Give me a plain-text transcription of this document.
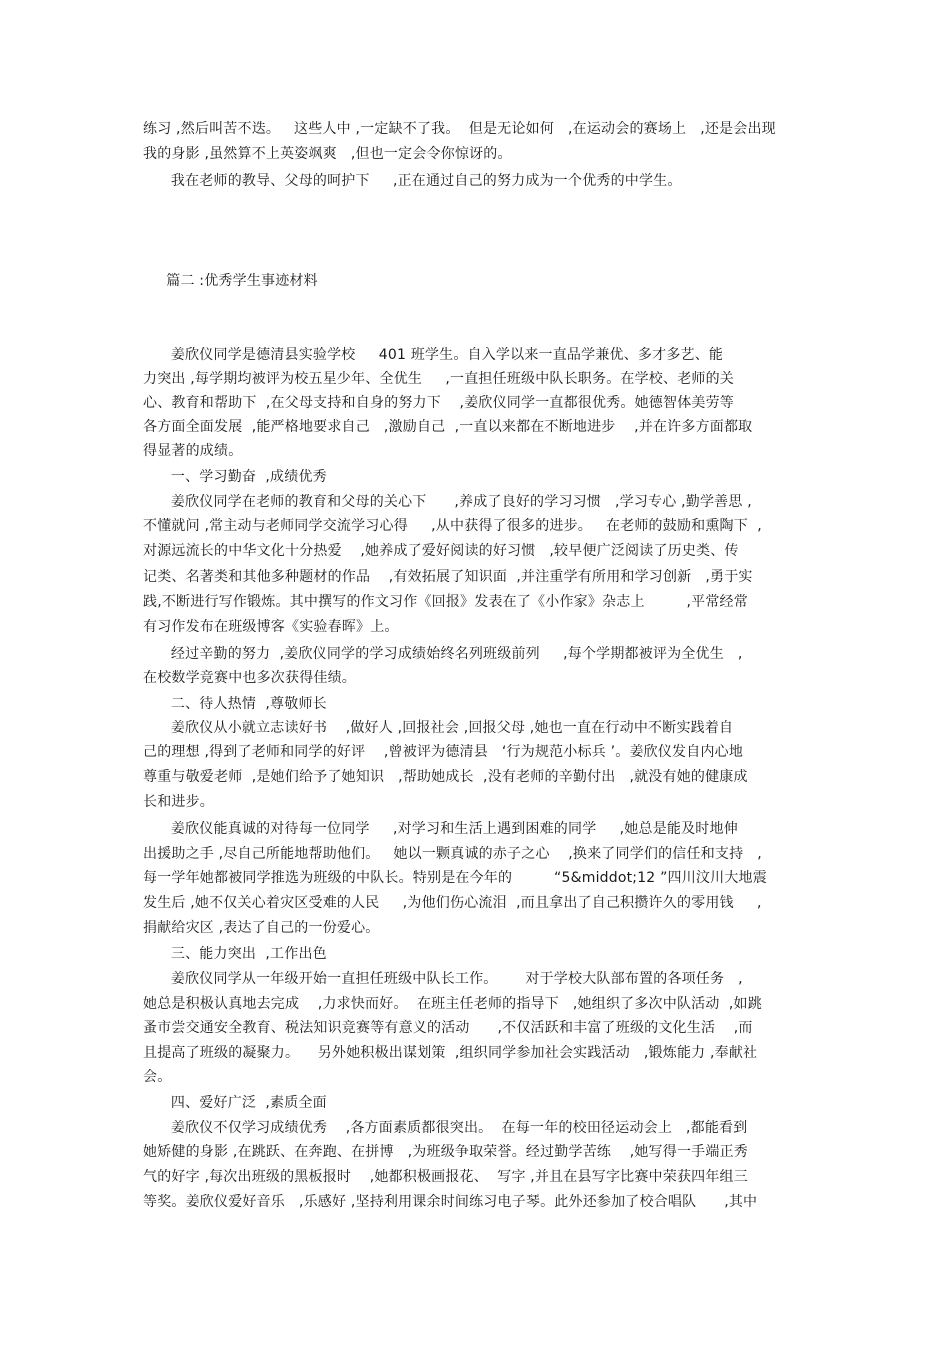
练习 ,然后叫苦不迭。   这些人中 ,一定缺不了我。  但是无论如何   ,在运动会的赛场上   ,还是会出现
我的身影 ,虽然算不上英姿飒爽   ,但也一定会令你惊讶的。
我在老师的教导、父母的呵护下     ,正在通过自己的努力成为一个优秀的中学生。
篇二 :优秀学生事迹材料
姜欣仪同学是德清县实验学校     401 班学生。自入学以来一直品学兼优、多才多艺、能
力突出 ,每学期均被评为校五星少年、全优生     ,一直担任班级中队长职务。在学校、老师的关
心、教育和帮助下  ,在父母支持和自身的努力下    ,姜欣仪同学一直都很优秀。她德智体美劳等
各方面全面发展  ,能严格地要求自己   ,激励自己  ,一直以来都在不断地进步    ,并在许多方面都取
得显著的成绩。
一、学习勤奋  ,成绩优秀
姜欣仪同学在老师的教育和父母的关心下      ,养成了良好的学习习惯   ,学习专心 ,勤学善思 ,
不懂就问 ,常主动与老师同学交流学习心得     ,从中获得了很多的进步。   在老师的鼓励和熏陶下  ,
对源远流长的中华文化十分热爱    ,她养成了爱好阅读的好习惯   ,较早便广泛阅读了历史类、传
记类、名著类和其他多种题材的作品    ,有效拓展了知识面  ,并注重学有所用和学习创新   ,勇于实
践,不断进行写作锻炼。其中撰写的作文习作《回报》发表在了《小作家》杂志上         ,平常经常
有习作发布在班级博客《实验春晖》上。
经过辛勤的努力  ,姜欣仪同学的学习成绩始终名列班级前列     ,每个学期都被评为全优生   ,
在校数学竞赛中也多次获得佳绩。
二、待人热情  ,尊敬师长
姜欣仪从小就立志读好书    ,做好人 ,回报社会 ,回报父母 ,她也一直在行动中不断实践着自
己的理想 ,得到了老师和同学的好评    ,曾被评为德清县   ‘行为规范小标兵 ’。姜欣仪发自内心地
尊重与敬爱老师  ,是她们给予了她知识   ,帮助她成长  ,没有老师的辛勤付出   ,就没有她的健康成
长和进步。
姜欣仪能真诚的对待每一位同学     ,对学习和生活上遇到困难的同学     ,她总是能及时地伸
出援助之手 ,尽自己所能地帮助他们。   她以一颗真诚的赤子之心    ,换来了同学们的信任和支持   ,
每一学年她都被同学推选为班级的中队长。特别是在今年的         “5&middot;12 ”四川汶川大地震
发生后 ,她不仅关心着灾区受难的人民     ,为他们伤心流泪  ,而且拿出了自己积攒许久的零用钱     ,
捐献给灾区 ,表达了自己的一份爱心。
三、能力突出  ,工作出色
姜欣仪同学从一年级开始一直担任班级中队长工作。      对于学校大队部布置的各项任务   ,
她总是积极认真地去完成    ,力求快而好。  在班主任老师的指导下   ,她组织了多次中队活动  ,如跳
蚤市尝交通安全教育、税法知识竞赛等有意义的活动      ,不仅活跃和丰富了班级的文化生活    ,而
且提高了班级的凝聚力。    另外她积极出谋划策  ,组织同学参加社会实践活动   ,锻炼能力 ,奉献社
会。
四、爱好广泛  ,素质全面
姜欣仪不仅学习成绩优秀    ,各方面素质都很突出。  在每一年的校田径运动会上   ,都能看到
她矫健的身影 ,在跳跃、在奔跑、在拼博   ,为班级争取荣誉。经过勤学苦练    ,她写得一手端正秀
气的好字 ,每次出班级的黑板报时    ,她都积极画报花、  写字 ,并且在县写字比赛中荣获四年组三
等奖。姜欣仪爱好音乐   ,乐感好 ,坚持利用课余时间练习电子琴。此外还参加了校合唱队      ,其中
